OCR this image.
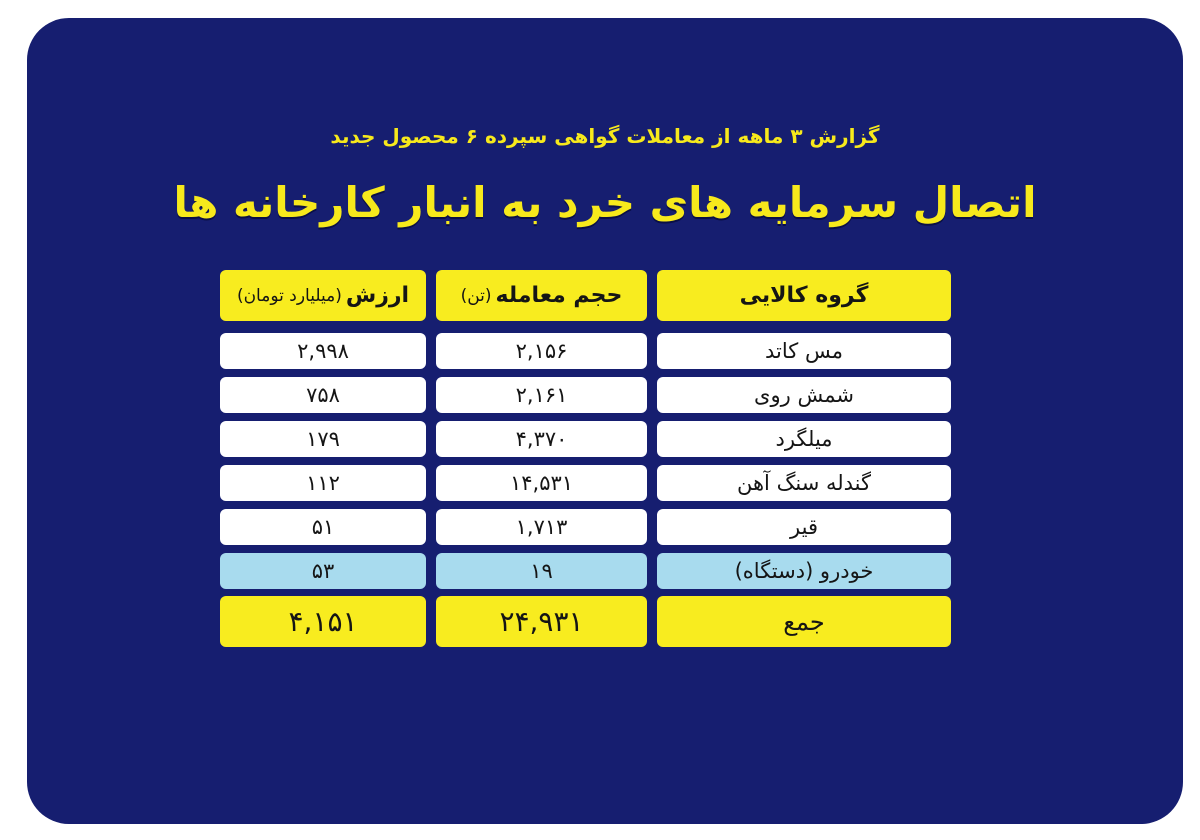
گزارش ۳ ماهه از معاملات گواهی سپرده ۶ محصول جدید
اتصال سرمایه های خرد به انبار کارخانه ها
گروه کالایی
حجم معامله
(تن)
ارزش
(میلیارد تومان)
مس کاتد
۲,۱۵۶
۲,۹۹۸
شمش روی
۲,۱۶۱
۷۵۸
میلگرد
۴,۳۷۰
۱۷۹
گندله سنگ آهن
۱۴,۵۳۱
۱۱۲
قیر
۱,۷۱۳
۵۱
خودرو (دستگاه)
۱۹
۵۳
جمع
۲۴,۹۳۱
۴,۱۵۱
